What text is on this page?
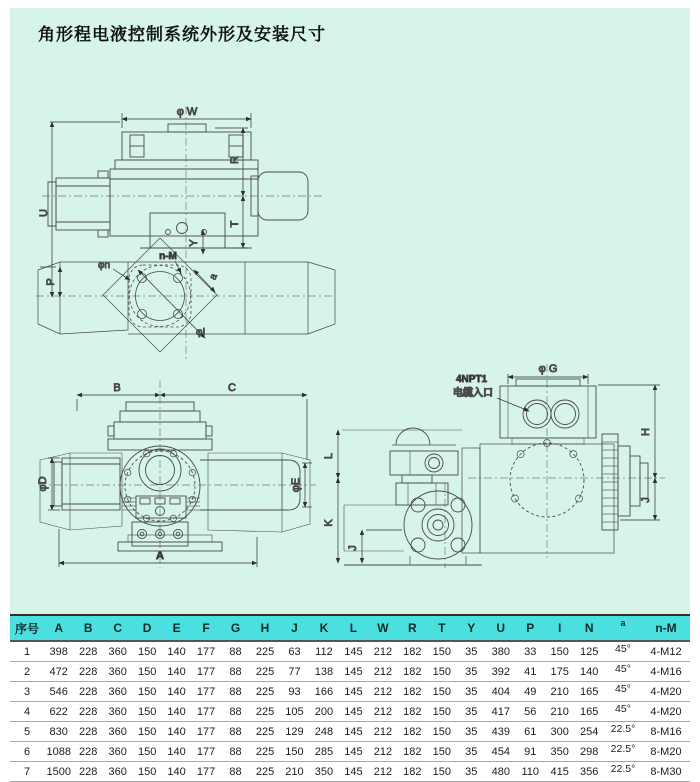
角形程电液控制系统外形及安装尺寸
φ W
U
P
R
T
Y
φn
n-M
a
φI
B	C
φD	φE
A
φ G
4NPT1
电缆入口
H
J
L
K
J
序号	A	B	C	D	E	F	G	H	J	K	L	W	R	T	Y	U	P	I	N	a	n-M
1	398	228	360	150	140	177	88	225	63	112	145	212	182	150	35	380	33	150	125	45°	4-M12
2	472	228	360	150	140	177	88	225	77	138	145	212	182	150	35	392	41	175	140	45°	4-M16
3	546	228	360	150	140	177	88	225	93	166	145	212	182	150	35	404	49	210	165	45°	4-M20
4	622	228	360	150	140	177	88	225	105	200	145	212	182	150	35	417	56	210	165	45°	4-M20
5	830	228	360	150	140	177	88	225	129	248	145	212	182	150	35	439	61	300	254	22.5°	8-M16
6	1088	228	360	150	140	177	88	225	150	285	145	212	182	150	35	454	91	350	298	22.5°	8-M20
7	1500	228	360	150	140	177	88	225	210	350	145	212	182	150	35	480	110	415	356	22.5°	8-M30
